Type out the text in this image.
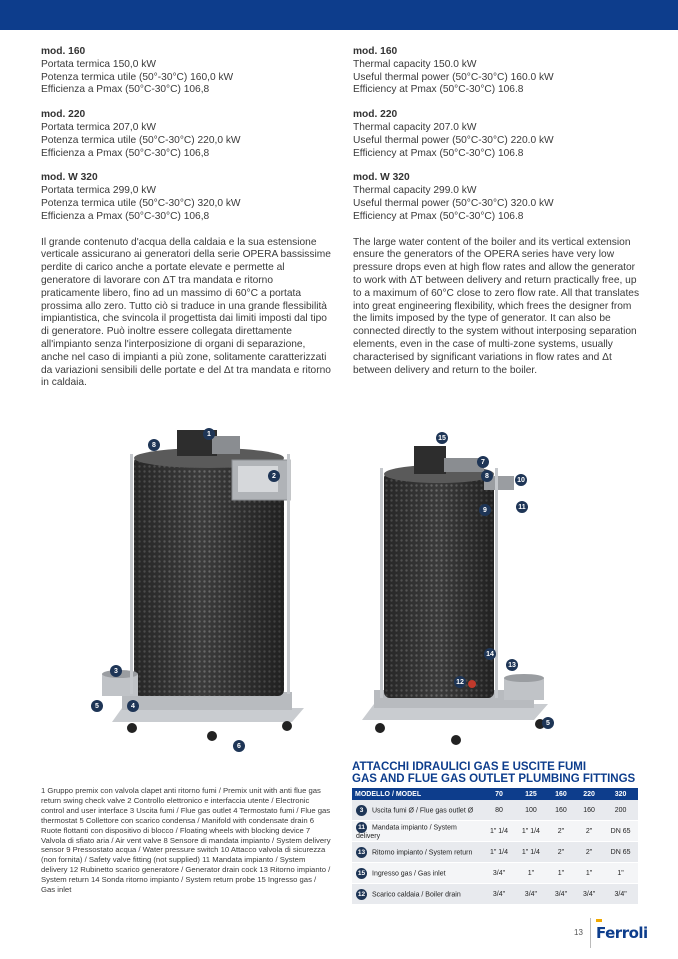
mod. 160
Portata termica 150,0 kW
Potenza termica utile (50°-30°C) 160,0 kW
Efficienza a Pmax (50°C-30°C) 106,8
mod. 220
Portata termica 207,0 kW
Potenza termica utile (50°C-30°C) 220,0 kW
Efficienza a Pmax (50°C-30°C) 106,8
mod. W 320
Portata termica 299,0 kW
Potenza termica utile (50°C-30°C) 320,0 kW
Efficienza a Pmax (50°C-30°C) 106,8
Il grande contenuto d'acqua della caldaia e la sua estensione verticale assicurano ai generatori della serie OPERA bassissime perdite di carico anche a portate elevate e permette al generatore di lavorare con ΔT tra mandata e ritorno praticamente libero, fino ad un massimo di 60°C a portata prossima allo zero. Tutto ciò si traduce in una grande flessibilità impiantistica, che svincola il progettista dai limiti imposti dal tipo di generatore. Può inoltre essere collegata direttamente all'impianto senza l'interposizione di organi di separazione, anche nel caso di impianti a più zone, solitamente caratterizzati da variazioni sensibili delle portate e del Δt tra mandata e ritorno in caldaia.
mod. 160
Thermal capacity 150.0 kW
Useful thermal power (50°C-30°C) 160.0 kW
Efficiency at Pmax (50°C-30°C) 106.8
mod. 220
Thermal capacity 207.0 kW
Useful thermal power (50°C-30°C) 220.0 kW
Efficiency at Pmax (50°C-30°C) 106.8
mod. W 320
Thermal capacity 299.0 kW
Useful thermal power (50°C-30°C) 320.0 kW
Efficiency at Pmax (50°C-30°C) 106.8
The large water content of the boiler and its vertical extension ensure the generators of the OPERA series have very low pressure drops even at high flow rates and allow the generator to work with ΔT between delivery and return practically free, up to a maximum of 60°C close to zero flow rate. All that translates into great engineering flexibility, which frees the designer from the limits imposed by the type of generator. It can also be connected directly to the system without interposing separation elements, even in the case of multi-zone systems, usually characterised by significant variations in flow rates and Δt between delivery and return to the boiler.
8
1
2
3
4
5
6
15
7
8
10
9	11
14
13
12
5
1 Gruppo premix con valvola clapet anti ritorno fumi / Premix unit with anti flue gas return swing check valve 2 Controllo elettronico e interfaccia utente / Electronic control and user interface 3 Uscita fumi / Flue gas outlet 4 Termostato fumi / Flue gas thermostat 5 Collettore con scarico condensa / Manifold with condensate drain 6 Ruote flottanti con dispositivo di blocco / Floating wheels with blocking device 7 Valvola di sfiato aria / Air vent valve 8 Sensore di mandata impianto / System delivery sensor 9 Pressostato acqua / Water pressure switch 10 Attacco valvola di sicurezza (non fornita) / Safety valve fitting (not supplied) 11 Mandata impianto / System delivery 12 Rubinetto scarico generatore / Generator drain cock 13 Ritorno impianto / System return 14 Sonda ritorno impianto / System return probe 15 Ingresso gas / Gas inlet
ATTACCHI IDRAULICI GAS E USCITE FUMI
GAS AND FLUE GAS OUTLET PLUMBING FITTINGS
MODELLO / MODEL	70	125	160	220	320
3 Uscita fumi Ø / Flue gas outlet Ø	80	100	160	160	200
11 Mandata impianto / System delivery	1" 1/4	1" 1/4	2"	2"	DN 65
13 Ritorno impianto / System return	1" 1/4	1" 1/4	2"	2"	DN 65
15 Ingresso gas / Gas inlet	3/4"	1"	1"	1"	1"
12 Scarico caldaia / Boiler drain	3/4"	3/4"	3/4"	3/4"	3/4"
13 Ferroli
